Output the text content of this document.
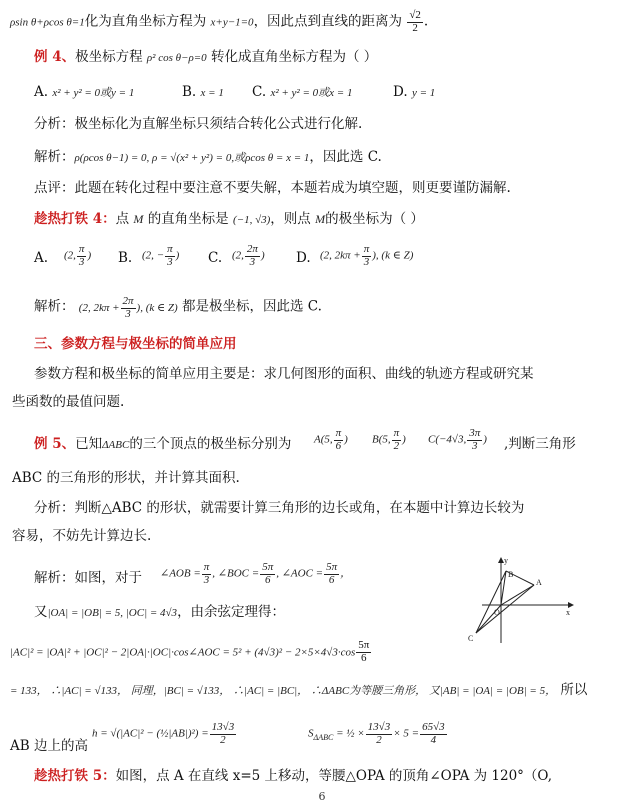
ρsin θ+ρcos θ=1化为直角坐标方程为 x+y−1=0，因此点到直线的距离为 $\frac{√2}{2}$ .
例 4、极坐标方程 ρ² cos θ−ρ=0 转化成直角坐标方程为（ ）
A. x² + y² = 0或y = 1	B. x = 1 C. x² + y² = 0或x = 1	D. y = 1
分析：极坐标化为直解坐标只须结合转化公式进行化解.
解析：ρ(ρcos θ−1) = 0, ρ = √(x² + y²) = 0,或ρcos θ = x = 1，因此选 C.
点评：此题在转化过程中要注意不要失解，本题若成为填空题，则更要谨防漏解.
趁热打铁 4：点 M 的直角坐标是 (−1, √3)，则点 M的极坐标为（ ）
A. (2, $\frac{\pi}{3}$ ) B. (2, − $\frac{\pi}{3}$ ) C. (2, $\frac{2\pi}{3}$ ) D. (2, $2k\pi + \frac{\pi}{3}$ ), (k ∈ Z)
解析： (2, $2k\pi + \frac{2\pi}{3}$ ), (k ∈ Z) 都是极坐标，因此选 C.
三、参数方程与极坐标的简单应用
参数方程和极坐标的简单应用主要是：求几何图形的面积、曲线的轨迹方程或研究某
些函数的最值问题.
例 5、已知ΔABC的三个顶点的极坐标分别为 A(5, $\frac{\pi}{6}$ ) B(5, $\frac{\pi}{2}$ ) C(−4√3, $\frac{3\pi}{3}$ ) ,判断三角形
ABC 的三角形的形状，并计算其面积.
分析：判断△ABC 的形状，就需要计算三角形的边长或角，在本题中计算边长较为
容易，不妨先计算边长.
解析：如图，对于 ∠AOB = $\frac{\pi}{3}$ , ∠BOC = $\frac{5\pi}{6}$ , ∠AOC = $\frac{5\pi}{6}$ ，
又|OA| = |OB| = 5, |OC| = 4√3，由余弦定理得：
|AC|² = |OA|² + |OC|² − 2|OA|·|OC|·cos∠AOC = $5^2 + (4√3)^2 - 2\times 5\times 4√3\cdot\cos \frac{5\pi}{6}$
= 133， ∴|AC| = √133， 同理，|BC| = √133， ∴|AC| = |BC|， ∴ΔABC为等腰三角形， 又|AB| = |OA| = |OB| = 5， 所以
AB 边上的高
h = √(|AC|² − (½|AB|)²) = $\frac{13√3}{2}$	$S_{\Delta ABC}$ = ½ × $\frac{13√3}{2} \times 5 = \frac{65√3}{4}$
趁热打铁 5：如图，点 A 在直线 x=5 上移动，等腰△OPA 的顶角∠OPA 为 120°（O,
y
x
A
B
C
O
6
